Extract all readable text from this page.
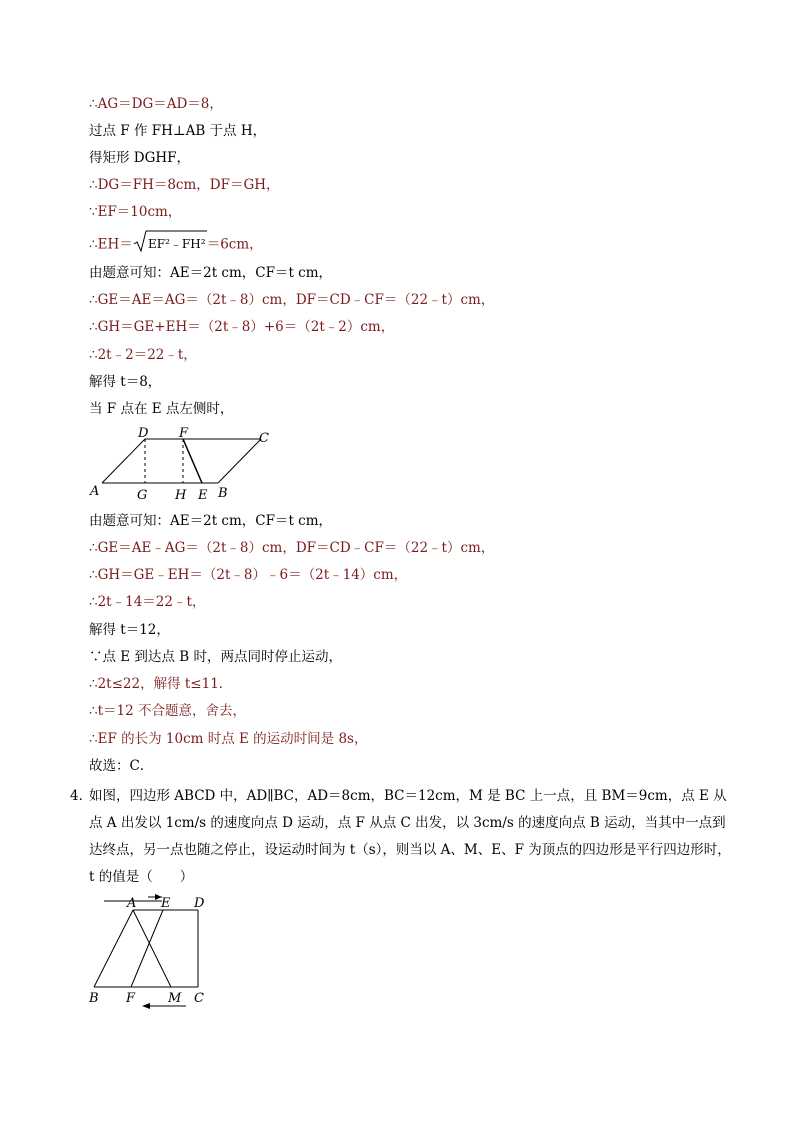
∴AG＝DG＝AD＝8，
过点 F 作 FH⊥AB 于点 H，
得矩形 DGHF，
∴DG＝FH＝8cm，DF＝GH，
∵EF＝10cm，
∴EH＝ EF²﹣FH² ＝6cm，
由题意可知：AE＝2t cm，CF＝t cm，
∴GE＝AE＝AG＝（2t﹣8）cm，DF＝CD﹣CF＝（22﹣t）cm，
∴GH＝GE+EH＝（2t﹣8）+6＝（2t﹣2）cm，
∴2t﹣2＝22﹣t，
解得 t＝8，
当 F 点在 E 点左侧时，
D F	C
A	G H E B
由题意可知：AE＝2t cm，CF＝t cm，
∴GE＝AE﹣AG＝（2t﹣8）cm，DF＝CD﹣CF＝（22﹣t）cm，
∴GH＝GE﹣EH＝（2t﹣8）﹣6＝（2t﹣14）cm，
∴2t﹣14＝22﹣t，
解得 t＝12，
∵点 E 到达点 B 时，两点同时停止运动，
∴2t≤22，解得 t≤11．
∴t＝12 不合题意，舍去，
∴EF 的长为 10cm 时点 E 的运动时间是 8s，
故选：C．
4．
如图，四边形 ABCD 中，AD∥BC，AD＝8cm，BC＝12cm，M 是 BC 上一点，且 BM＝9cm，点 E 从点 A 出发以 1cm/s 的速度向点 D 运动，点 F 从点 C 出发，以 3cm/s 的速度向点 B 运动，当其中一点到达终点，另一点也随之停止，设运动时间为 t（s），则当以 A、M、E、F 为顶点的四边形是平行四边形时，t 的值是（　　）
A E D
B F	M C
